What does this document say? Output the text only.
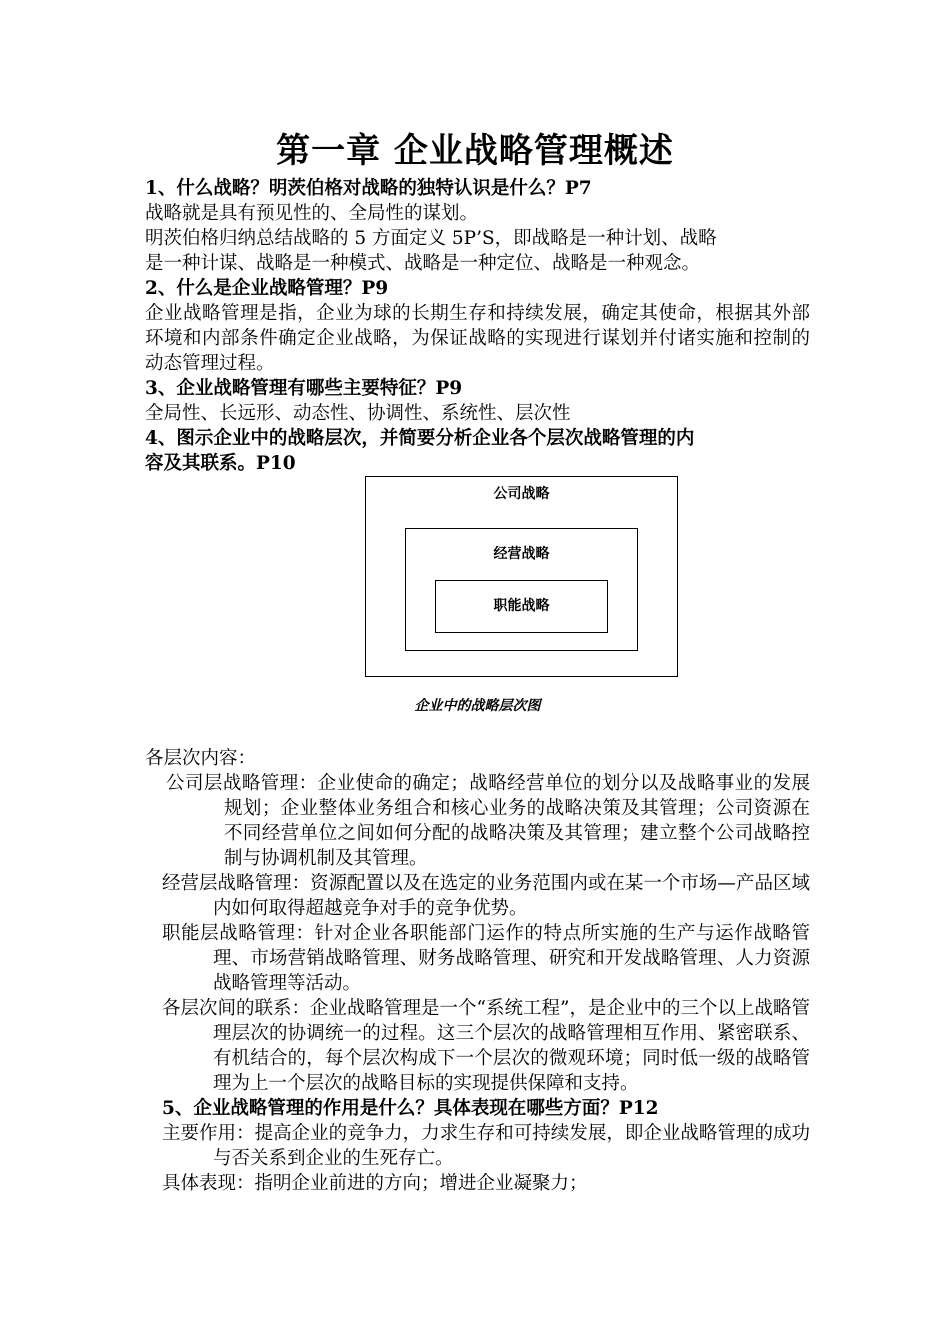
第一章 企业战略管理概述

1、什么战略？明茨伯格对战略的独特认识是什么？P7

战略就是具有预见性的、全局性的谋划。

明茨伯格归纳总结战略的 5 方面定义 5P’S，即战略是一种计划、战略

是一种计谋、战略是一种模式、战略是一种定位、战略是一种观念。

2、什么是企业战略管理？P9

企业战略管理是指，企业为球的长期生存和持续发展，确定其使命，根据其外部环境和内部条件确定企业战略，为保证战略的实现进行谋划并付诸实施和控制的动态管理过程。

3、企业战略管理有哪些主要特征？P9

全局性、长远形、动态性、协调性、系统性、层次性

4、图示企业中的战略层次，并简要分析企业各个层次战略管理的内

容及其联系。P10

公司战略
经营战略
职能战略
企业中的战略层次图

各层次内容：

公司层战略管理：企业使命的确定；战略经营单位的划分以及战略事业的发展规划；企业整体业务组合和核心业务的战略决策及其管理；公司资源在不同经营单位之间如何分配的战略决策及其管理；建立整个公司战略控制与协调机制及其管理。

经营层战略管理：资源配置以及在选定的业务范围内或在某一个市场—产品区域内如何取得超越竞争对手的竞争优势。

职能层战略管理：针对企业各职能部门运作的特点所实施的生产与运作战略管理、市场营销战略管理、财务战略管理、研究和开发战略管理、人力资源战略管理等活动。

各层次间的联系：企业战略管理是一个“系统工程”，是企业中的三个以上战略管理层次的协调统一的过程。这三个层次的战略管理相互作用、紧密联系、有机结合的，每个层次构成下一个层次的微观环境；同时低一级的战略管理为上一个层次的战略目标的实现提供保障和支持。

5、企业战略管理的作用是什么？具体表现在哪些方面？P12

主要作用：提高企业的竞争力，力求生存和可持续发展，即企业战略管理的成功与否关系到企业的生死存亡。

具体表现：指明企业前进的方向；增进企业凝聚力；
